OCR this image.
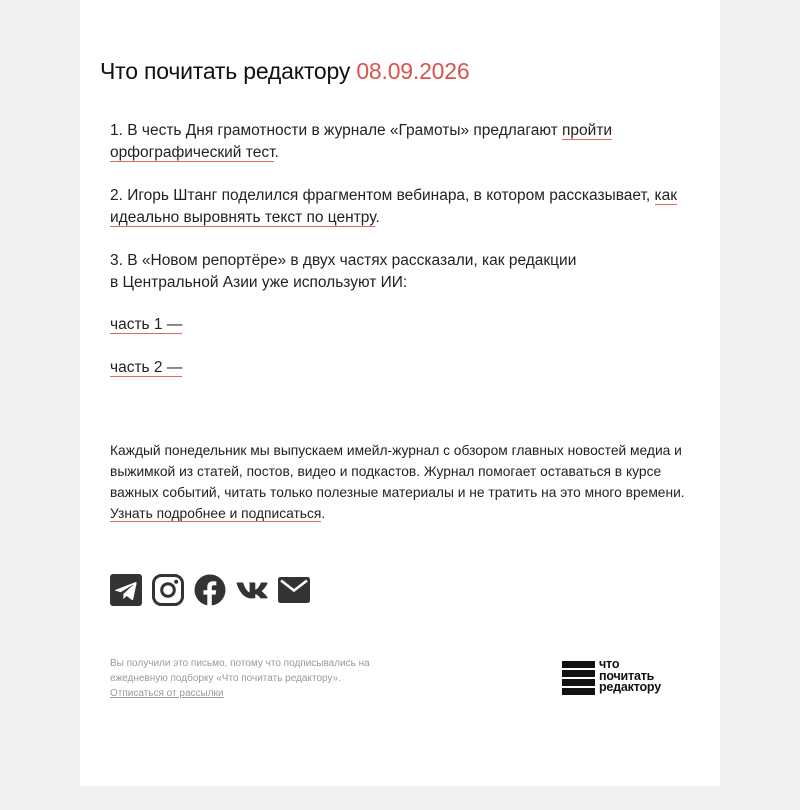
Что почитать редактору 08.09.2026

1. В честь Дня грамотности в журнале «Грамоты» предлагают пройти орфографический тест.

2. Игорь Штанг поделился фрагментом вебинара, в котором рассказывает, как идеально выровнять текст по центру.

3. В «Новом репортёре» в двух частях рассказали, как редакции
в Центральной Азии уже используют ИИ:

часть 1 —

часть 2 —

Каждый понедельник мы выпускаем имейл-журнал с обзором главных новостей медиа и выжимкой из статей, постов, видео и подкастов. Журнал помогает оставаться в курсе важных событий, читать только полезные материалы и не тратить на это много времени. Узнать подробнее и подписаться.

Вы получили это письмо, потому что подписывались на
ежедневную подборку «Что почитать редактору».
Отписаться от рассылки
что
почитать
редактору
